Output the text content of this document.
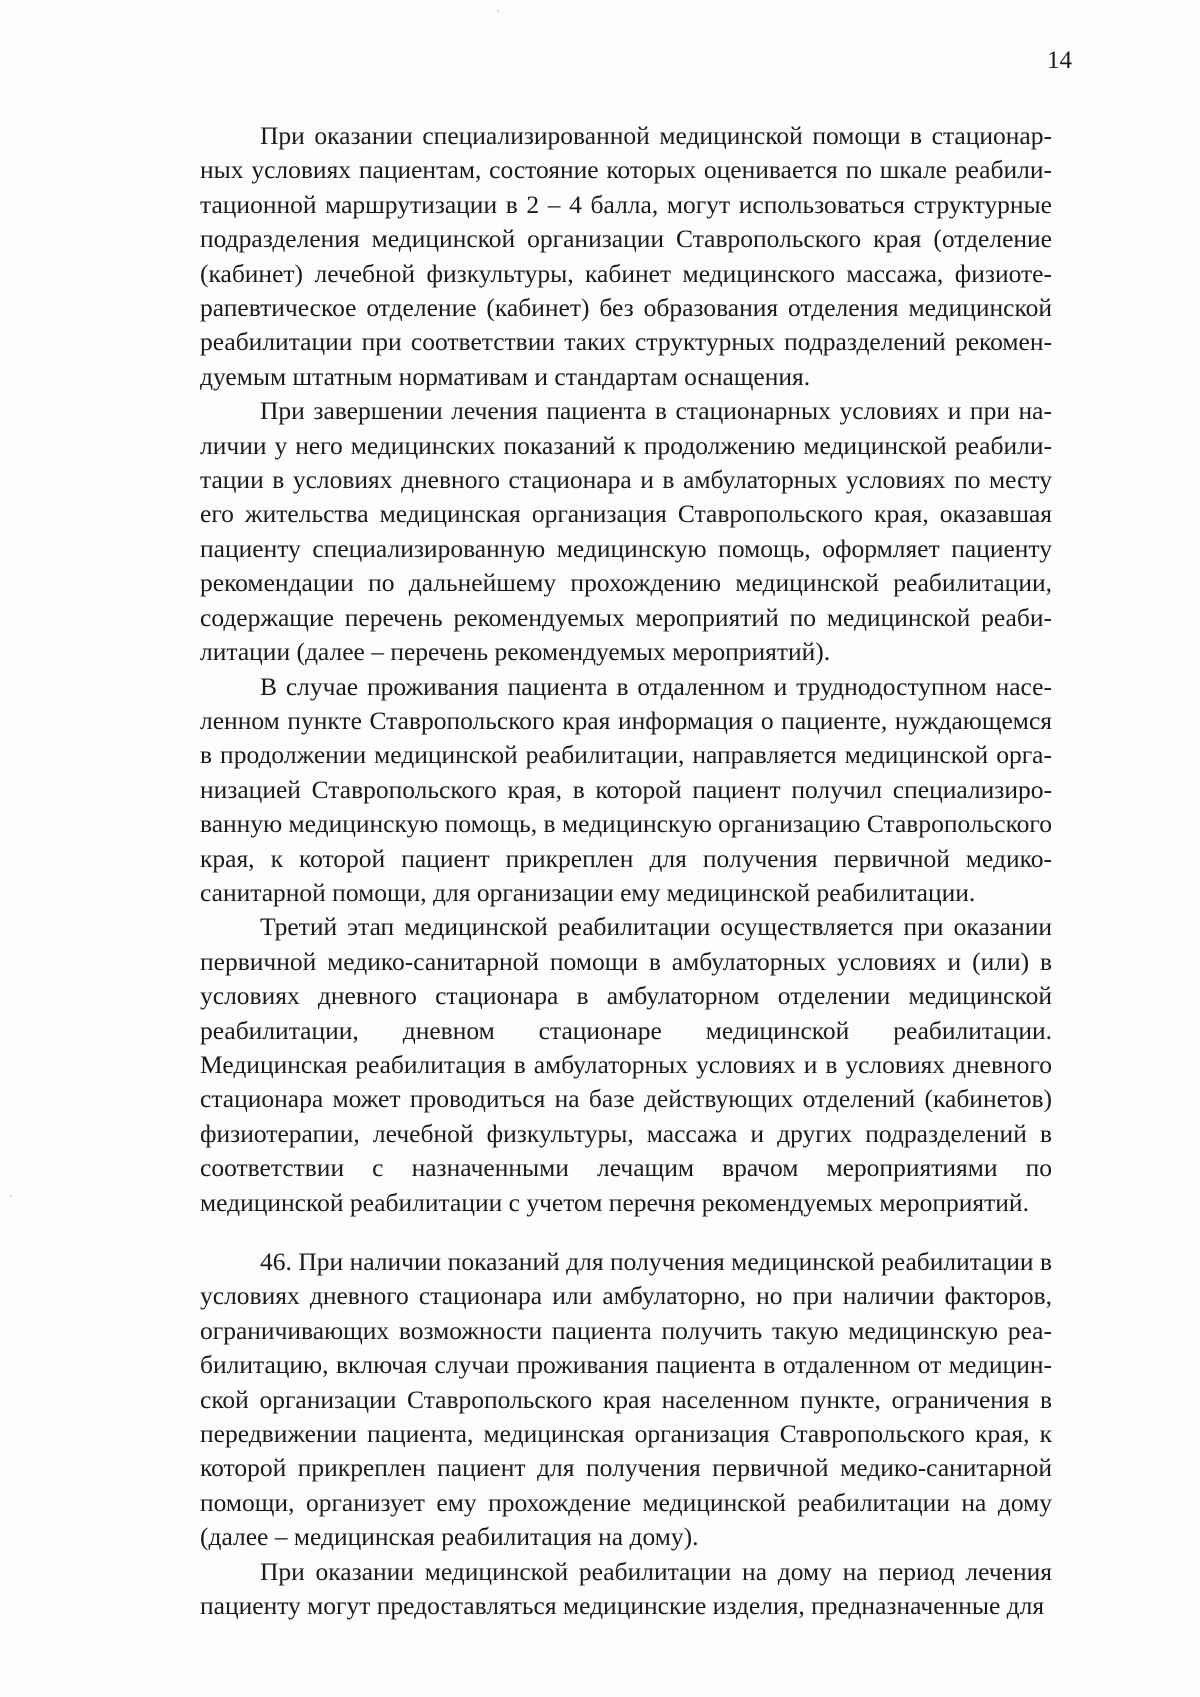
14

При оказании специализированной медицинской помощи в стационарных условиях пациентам, состояние которых оценивается по шкале реабилитационной маршрутизации в 2 – 4 балла, могут использоваться структурные подразделения медицинской организации Ставропольского края (отделение (кабинет) лечебной физкультуры, кабинет медицинского массажа, физиотерапевтическое отделение (кабинет) без образования отделения медицинской реабилитации при соответствии таких структурных подразделений рекомендуемым штатным нормативам и стандартам оснащения.

При завершении лечения пациента в стационарных условиях и при наличии у него медицинских показаний к продолжению медицинской реабилитации в условиях дневного стационара и в амбулаторных условиях по месту его жительства медицинская организация Ставропольского края, оказавшая пациенту специализированную медицинскую помощь, оформляет пациенту рекомендации по дальнейшему прохождению медицинской реабилитации, содержащие перечень рекомендуемых мероприятий по медицинской реабилитации (далее – перечень рекомендуемых мероприятий).

В случае проживания пациента в отдаленном и труднодоступном населенном пункте Ставропольского края информация о пациенте, нуждающемся в продолжении медицинской реабилитации, направляется медицинской организацией Ставропольского края, в которой пациент получил специализированную медицинскую помощь, в медицинскую организацию Ставропольского края, к которой пациент прикреплен для получения первичной медико-санитарной помощи, для организации ему медицинской реабилитации.

Третий этап медицинской реабилитации осуществляется при оказании первичной медико-санитарной помощи в амбулаторных условиях и (или) в условиях дневного стационара в амбулаторном отделении медицинской реабилитации, дневном стационаре медицинской реабилитации. Медицинская реабилитация в амбулаторных условиях и в условиях дневного стационара может проводиться на базе действующих отделений (кабинетов) физиотерапии, лечебной физкультуры, массажа и других подразделений в соответствии с назначенными лечащим врачом мероприятиями по медицинской реабилитации с учетом перечня рекомендуемых мероприятий.

46. При наличии показаний для получения медицинской реабилитации в условиях дневного стационара или амбулаторно, но при наличии факторов, ограничивающих возможности пациента получить такую медицинскую реабилитацию, включая случаи проживания пациента в отдаленном от медицинской организации Ставропольского края населенном пункте, ограничения в передвижении пациента, медицинская организация Ставропольского края, к которой прикреплен пациент для получения первичной медико-санитарной помощи, организует ему прохождение медицинской реабилитации на дому (далее – медицинская реабилитация на дому).

При оказании медицинской реабилитации на дому на период лечения пациенту могут предоставляться медицинские изделия, предназначенные для
